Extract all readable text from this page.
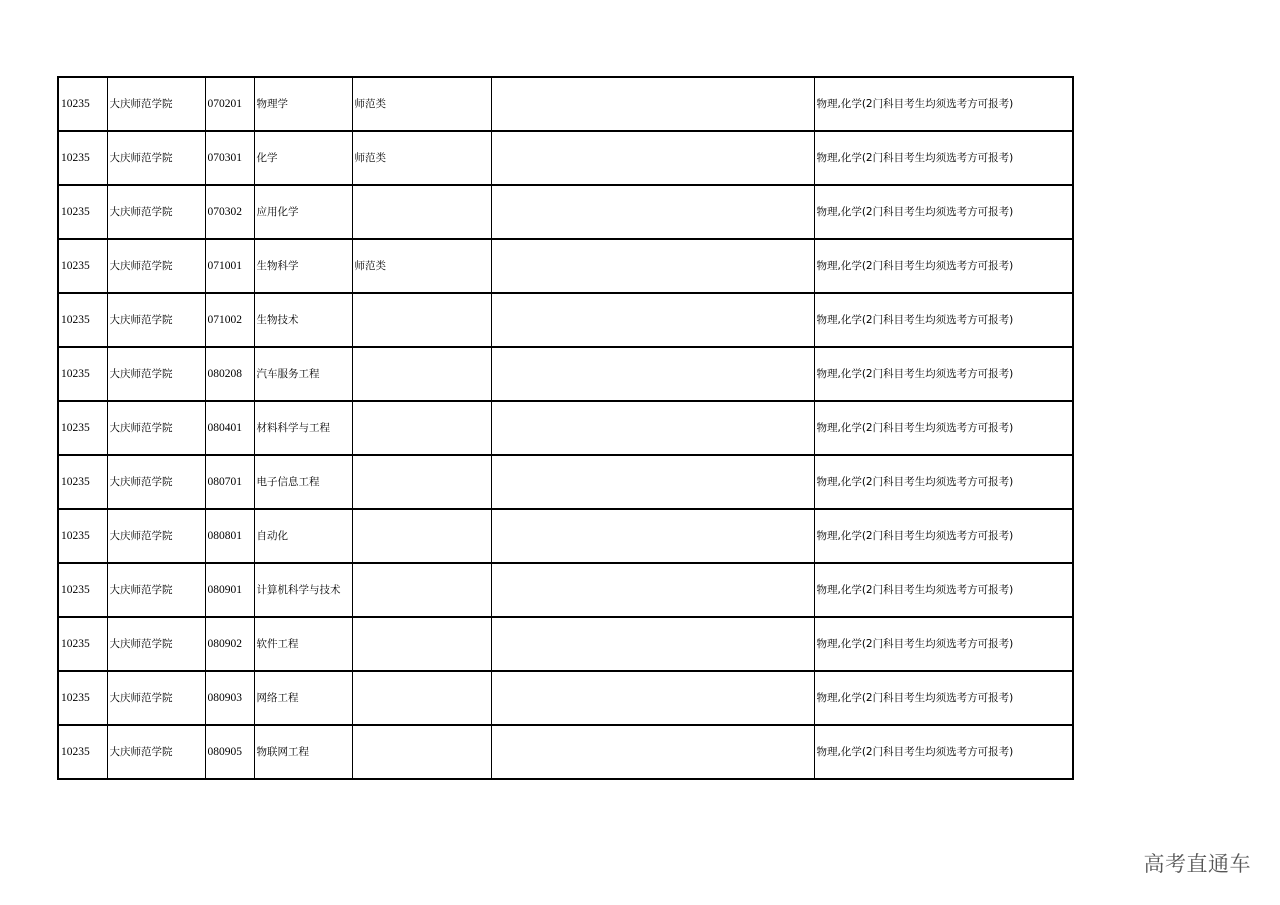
10235	大庆师范学院	070201	物理学	师范类		物理,化学(2门科目考生均须选考方可报考)
10235	大庆师范学院	070301	化学	师范类		物理,化学(2门科目考生均须选考方可报考)
10235	大庆师范学院	070302	应用化学			物理,化学(2门科目考生均须选考方可报考)
10235	大庆师范学院	071001	生物科学	师范类		物理,化学(2门科目考生均须选考方可报考)
10235	大庆师范学院	071002	生物技术			物理,化学(2门科目考生均须选考方可报考)
10235	大庆师范学院	080208	汽车服务工程			物理,化学(2门科目考生均须选考方可报考)
10235	大庆师范学院	080401	材料科学与工程			物理,化学(2门科目考生均须选考方可报考)
10235	大庆师范学院	080701	电子信息工程			物理,化学(2门科目考生均须选考方可报考)
10235	大庆师范学院	080801	自动化			物理,化学(2门科目考生均须选考方可报考)
10235	大庆师范学院	080901	计算机科学与技术			物理,化学(2门科目考生均须选考方可报考)
10235	大庆师范学院	080902	软件工程			物理,化学(2门科目考生均须选考方可报考)
10235	大庆师范学院	080903	网络工程			物理,化学(2门科目考生均须选考方可报考)
10235	大庆师范学院	080905	物联网工程			物理,化学(2门科目考生均须选考方可报考)
高考直通车
